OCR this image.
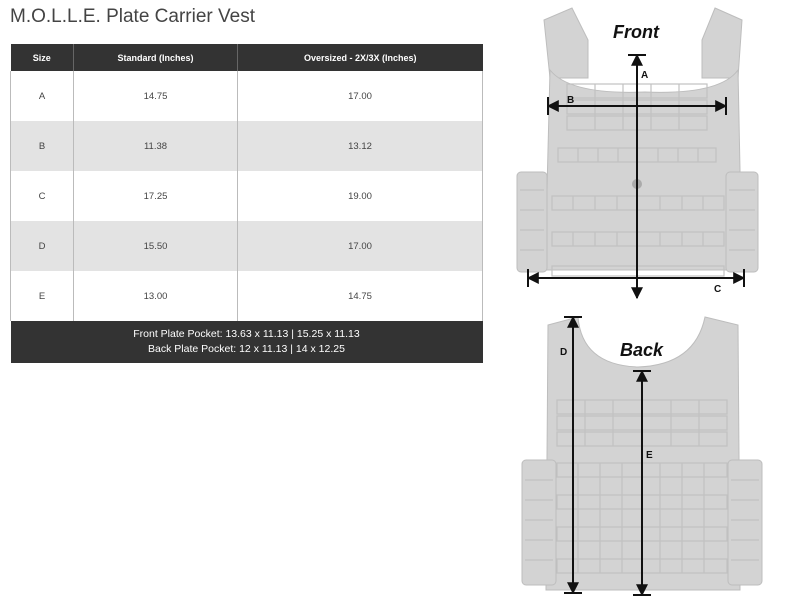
M.O.L.L.E. Plate Carrier Vest
Size	Standard (Inches)	Oversized - 2X/3X (Inches)
A	14.75	17.00
B	11.38	13.12
C	17.25	19.00
D	15.50	17.00
E	13.00	14.75

Front Plate Pocket: 13.63 x 11.13 | 15.25 x 11.13
Back Plate Pocket: 12 x 11.13 | 14 x 12.25		
Front
A
B
C
Back
D
E
